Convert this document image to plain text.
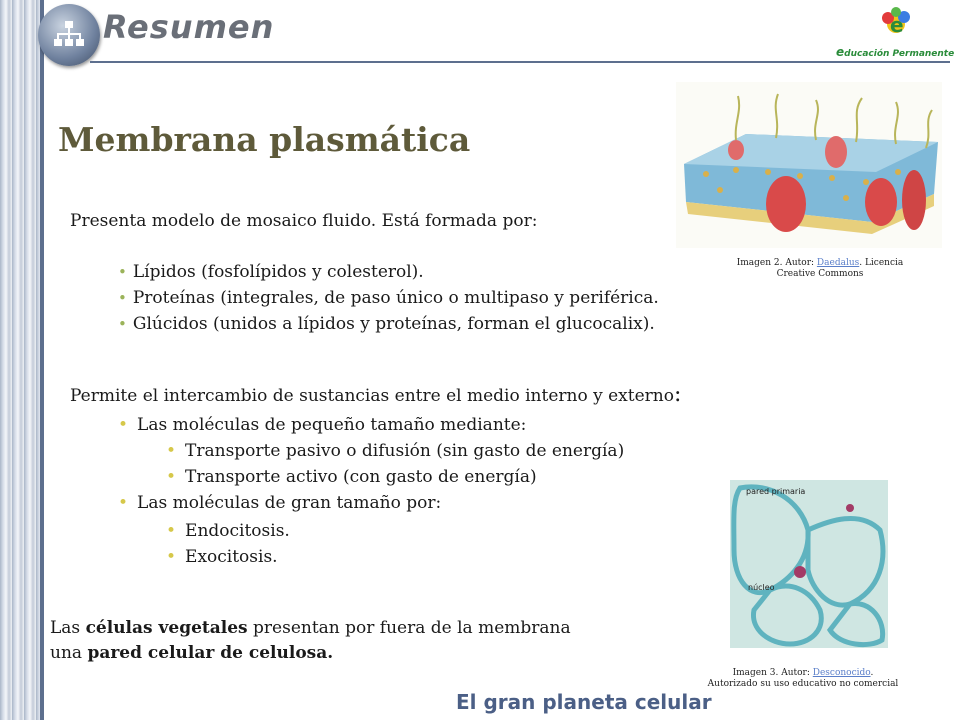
Resumen	e
educación Permanente
Membrana plasmática

Presenta modelo de mosaico fluido. Está formada por:

• Lípidos (fosfolípidos y colesterol).
• Proteínas (integrales, de paso único o multipaso y periférica.
• Glúcidos (unidos a lípidos y proteínas, forman el glucocalix).

Permite el intercambio de sustancias entre el medio interno y externo:

• Las moléculas de pequeño tamaño mediante:
• Transporte pasivo o difusión (sin gasto de energía)
• Transporte activo (con gasto de energía)
• Las moléculas de gran tamaño por:
• Endocitosis.
• Exocitosis.

Las células vegetales presentan por fuera de la membrana

una pared celular de celulosa.

Imagen 2. Autor: Daedalus. Licencia
Creative Commons
pared primaria
núcleo
Imagen 3. Autor: Desconocido.
Autorizado su uso educativo no comercial
El gran planeta celular
